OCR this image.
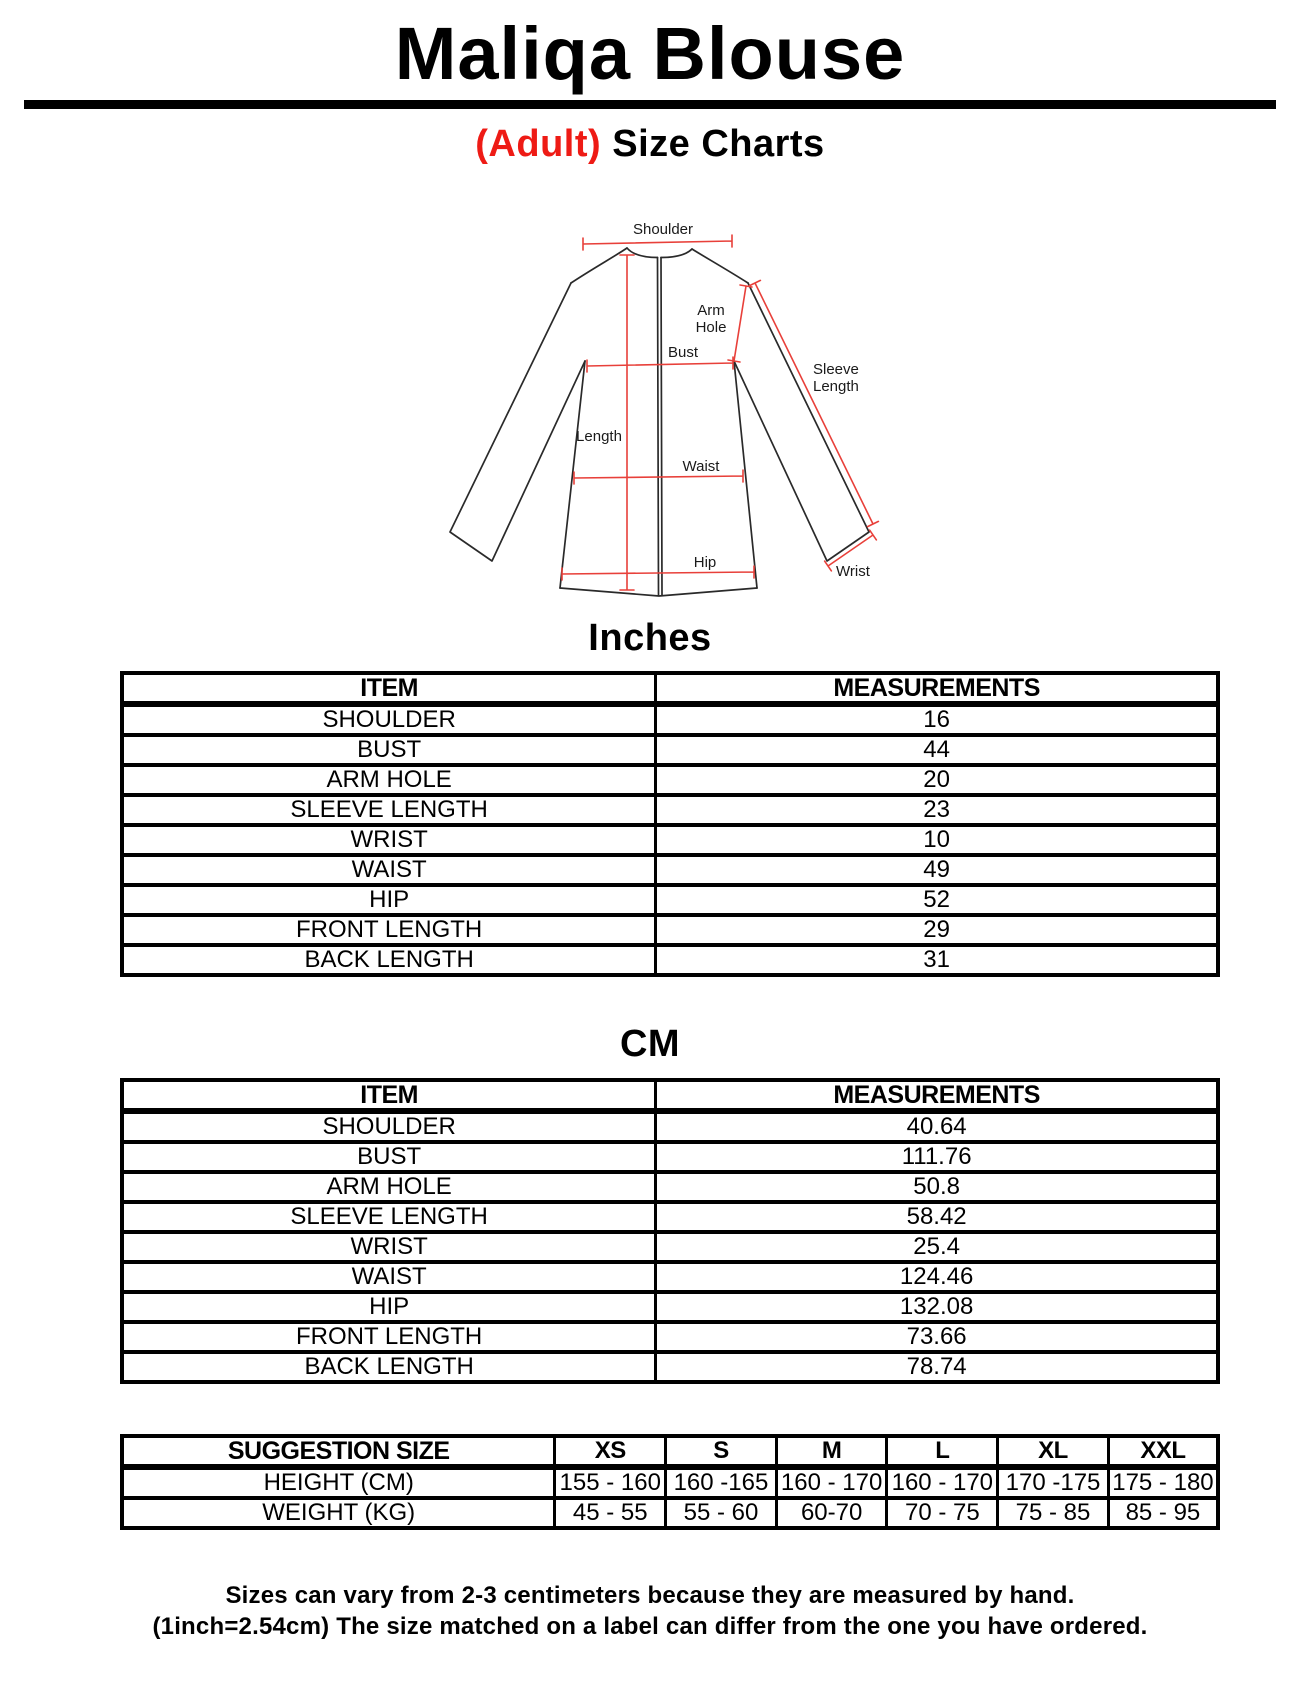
Maliqa Blouse
(Adult) Size Charts
Shoulder
Arm
Hole
Bust
Sleeve
Length
Length
Waist
Hip
Wrist
Inches
ITEM	MEASUREMENTS
SHOULDER	16
BUST	44
ARM HOLE	20
SLEEVE LENGTH	23
WRIST	10
WAIST	49
HIP	52
FRONT LENGTH	29
BACK LENGTH	31
CM
ITEM	MEASUREMENTS
SHOULDER	40.64
BUST	111.76
ARM HOLE	50.8
SLEEVE LENGTH	58.42
WRIST	25.4
WAIST	124.46
HIP	132.08
FRONT LENGTH	73.66
BACK LENGTH	78.74
SUGGESTION SIZE	XS	S	M	L	XL	XXL
HEIGHT (CM)	155 - 160	160 -165	160 - 170	160 - 170	170 -175	175 - 180
WEIGHT (KG)	45 - 55	55 - 60	60-70	70 - 75	75 - 85	85 - 95
Sizes can vary from 2-3 centimeters because they are measured by hand.
(1inch=2.54cm) The size matched on a label can differ from the one you have ordered.
